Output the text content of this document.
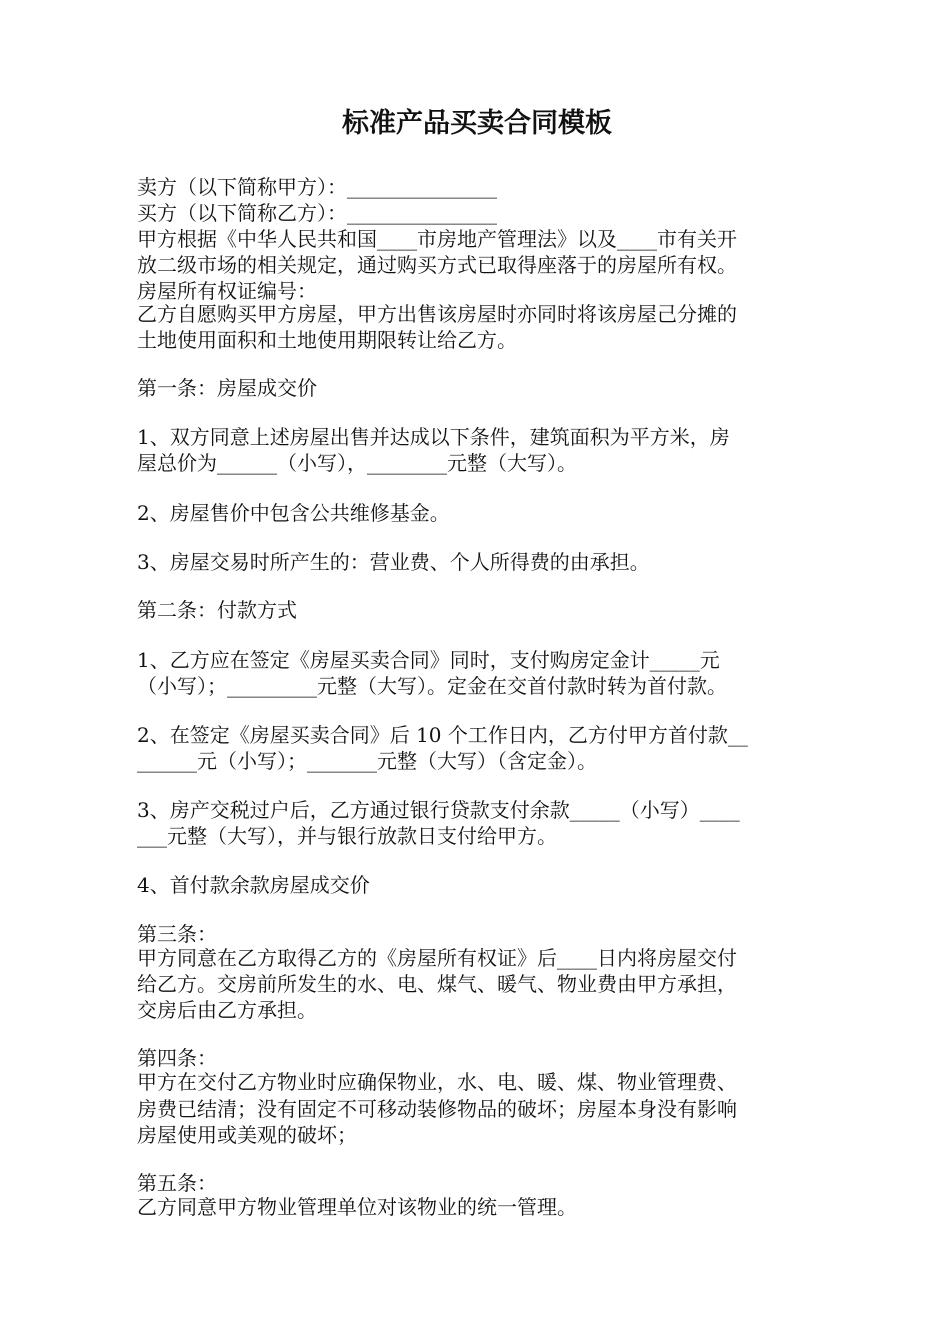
标准产品买卖合同模板
卖方（以下简称甲方）：_______________
买方（以下简称乙方）：_______________
甲方根据《中华人民共和国____市房地产管理法》以及____市有关开
放二级市场的相关规定，通过购买方式已取得座落于的房屋所有权。
房屋所有权证编号：
乙方自愿购买甲方房屋，甲方出售该房屋时亦同时将该房屋己分摊的
土地使用面积和土地使用期限转让给乙方。
第一条：房屋成交价
1、双方同意上述房屋出售并达成以下条件，建筑面积为平方米，房
屋总价为______（小写），________元整（大写）。
2、房屋售价中包含公共维修基金。
3、房屋交易时所产生的：营业费、个人所得费的由承担。
第二条：付款方式
1、乙方应在签定《房屋买卖合同》同时，支付购房定金计_____元
（小写）；_________元整（大写）。定金在交首付款时转为首付款。
2、在签定《房屋买卖合同》后 10 个工作日内，乙方付甲方首付款__
______元（小写）；_______元整（大写）（含定金）。
3、房产交税过户后，乙方通过银行贷款支付余款_____（小写）____
___元整（大写），并与银行放款日支付给甲方。
4、首付款余款房屋成交价
第三条：
甲方同意在乙方取得乙方的《房屋所有权证》后____日内将房屋交付
给乙方。交房前所发生的水、电、煤气、暖气、物业费由甲方承担，
交房后由乙方承担。
第四条：
甲方在交付乙方物业时应确保物业，水、电、暖、煤、物业管理费、
房费已结清；没有固定不可移动装修物品的破坏；房屋本身没有影响
房屋使用或美观的破坏；
第五条：
乙方同意甲方物业管理单位对该物业的统一管理。
